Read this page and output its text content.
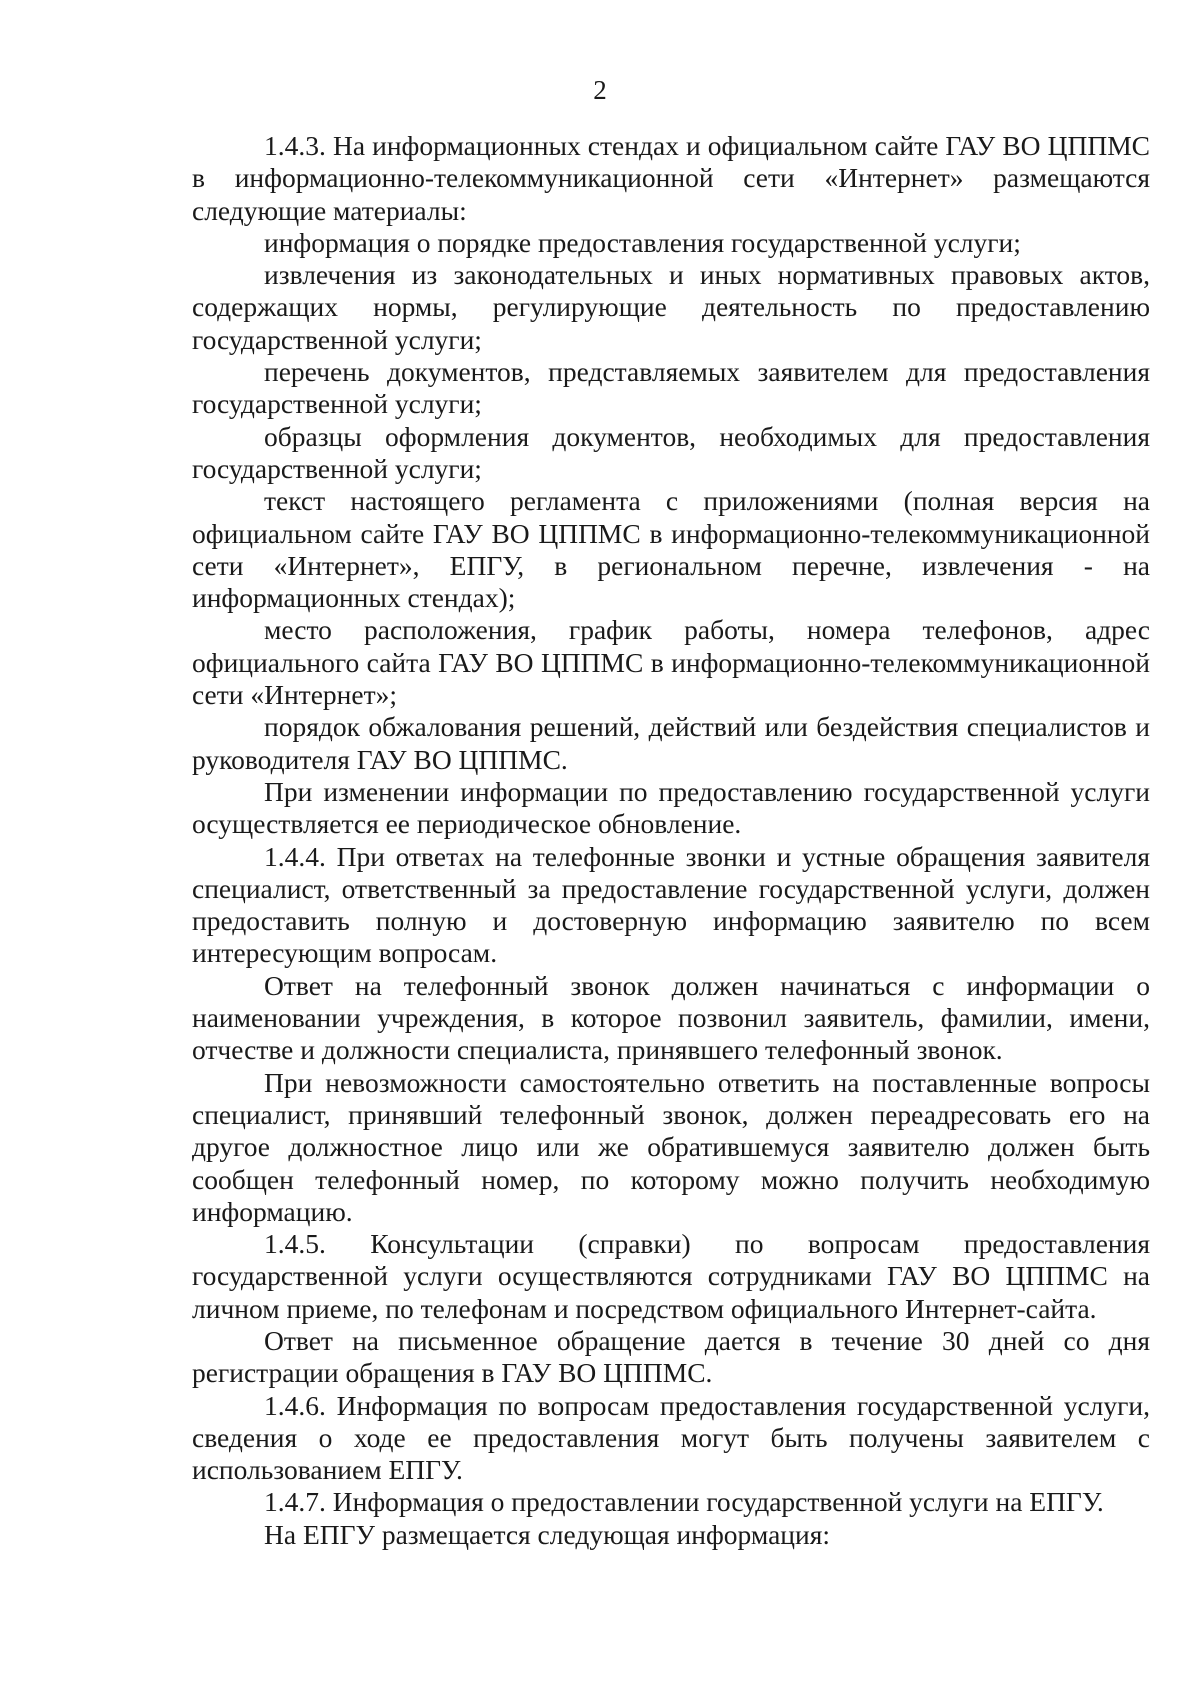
2

1.4.3. На информационных стендах и официальном сайте ГАУ ВО ЦППМС в информационно-телекоммуникационной сети «Интернет» размещаются следующие материалы:

информация о порядке предоставления государственной услуги;

извлечения из законодательных и иных нормативных правовых актов, содержащих нормы, регулирующие деятельность по предоставлению государственной услуги;

перечень документов, представляемых заявителем для предоставления государственной услуги;

образцы оформления документов, необходимых для предоставления государственной услуги;

текст настоящего регламента с приложениями (полная версия на официальном сайте ГАУ ВО ЦППМС в информационно-телекоммуникационной сети «Интернет», ЕПГУ, в региональном перечне, извлечения - на информационных стендах);

место расположения, график работы, номера телефонов, адрес официального сайта ГАУ ВО ЦППМС в информационно-телекоммуникационной сети «Интернет»;

порядок обжалования решений, действий или бездействия специалистов и руководителя ГАУ ВО ЦППМС.

При изменении информации по предоставлению государственной услуги осуществляется ее периодическое обновление.

1.4.4. При ответах на телефонные звонки и устные обращения заявителя специалист, ответственный за предоставление государственной услуги, должен предоставить полную и достоверную информацию заявителю по всем интересующим вопросам.

Ответ на телефонный звонок должен начинаться с информации о наименовании учреждения, в которое позвонил заявитель, фамилии, имени, отчестве и должности специалиста, принявшего телефонный звонок.

При невозможности самостоятельно ответить на поставленные вопросы специалист, принявший телефонный звонок, должен переадресовать его на другое должностное лицо или же обратившемуся заявителю должен быть сообщен телефонный номер, по которому можно получить необходимую информацию.

1.4.5. Консультации (справки) по вопросам предоставления государственной услуги осуществляются сотрудниками ГАУ ВО ЦППМС на личном приеме, по телефонам и посредством официального Интернет-сайта.

Ответ на письменное обращение дается в течение 30 дней со дня регистрации обращения в ГАУ ВО ЦППМС.

1.4.6. Информация по вопросам предоставления государственной услуги, сведения о ходе ее предоставления могут быть получены заявителем с использованием ЕПГУ.

1.4.7. Информация о предоставлении государственной услуги на ЕПГУ.

На ЕПГУ размещается следующая информация:
